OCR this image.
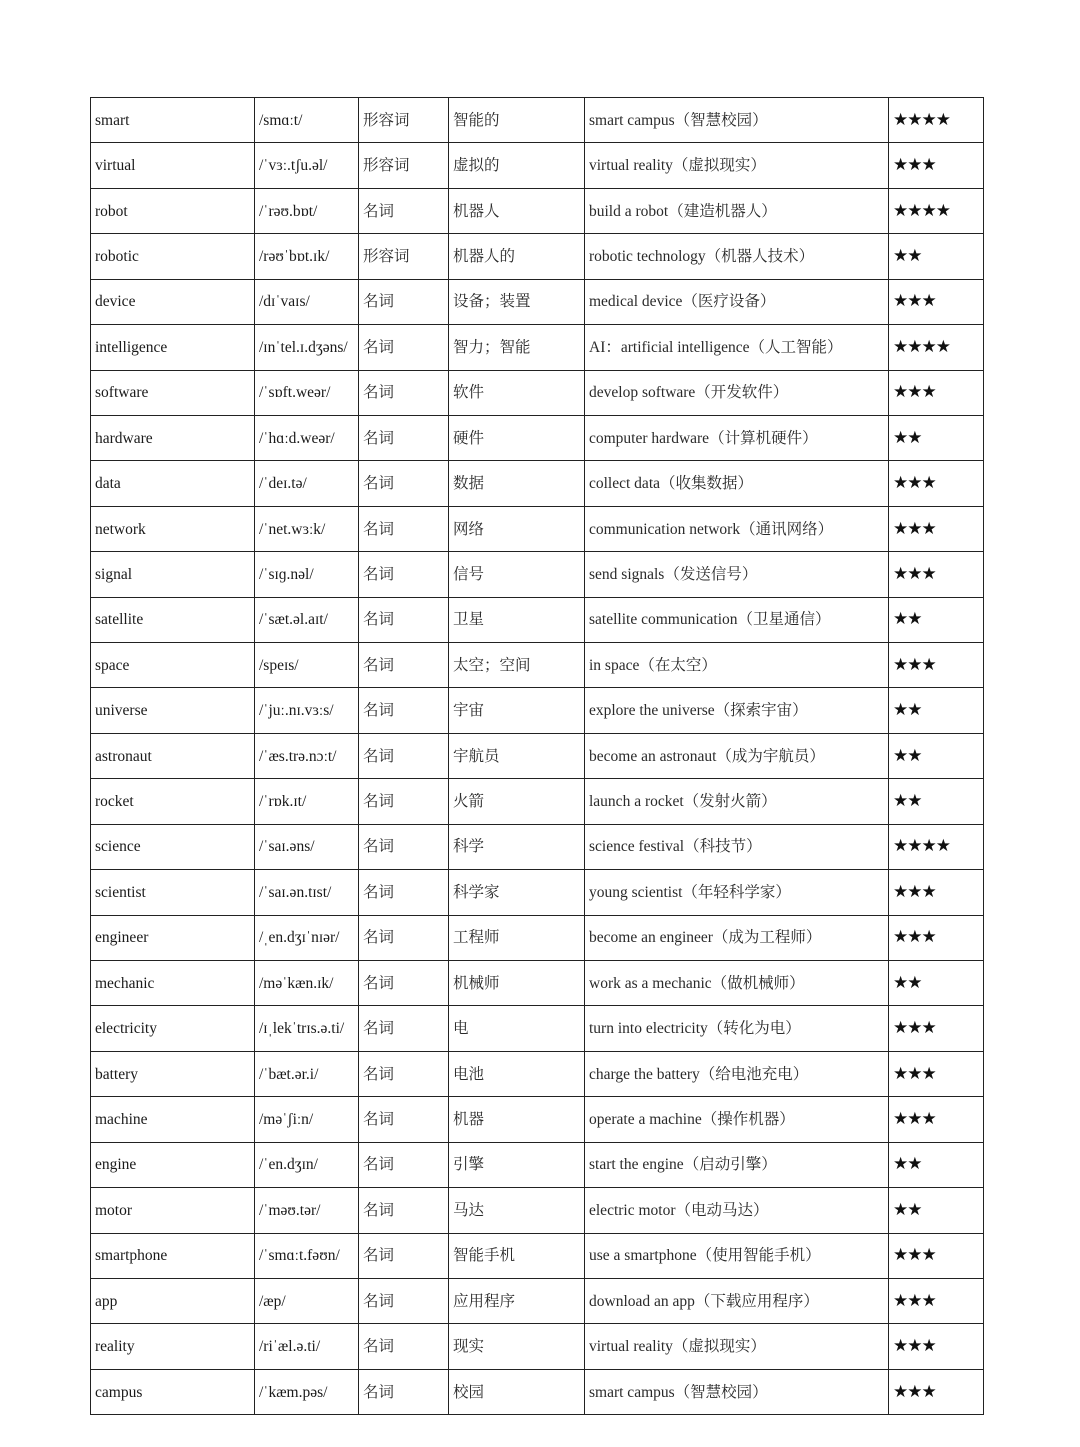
smart	/smɑːt/	形容词	智能的	smart campus（智慧校园）	★★★★
virtual	/ˈvɜː.tʃu.əl/	形容词	虚拟的	virtual reality（虚拟现实）	★★★
robot	/ˈrəʊ.bɒt/	名词	机器人	build a robot（建造机器人）	★★★★
robotic	/rəʊˈbɒt.ɪk/	形容词	机器人的	robotic technology（机器人技术）	★★
device	/dɪˈvaɪs/	名词	设备；装置	medical device（医疗设备）	★★★
intelligence	/ɪnˈtel.ɪ.dʒəns/	名词	智力；智能	AI：artificial intelligence（人工智能）	★★★★
software	/ˈsɒft.weər/	名词	软件	develop software（开发软件）	★★★
hardware	/ˈhɑːd.weər/	名词	硬件	computer hardware（计算机硬件）	★★
data	/ˈdeɪ.tə/	名词	数据	collect data（收集数据）	★★★
network	/ˈnet.wɜːk/	名词	网络	communication network（通讯网络）	★★★
signal	/ˈsɪɡ.nəl/	名词	信号	send signals（发送信号）	★★★
satellite	/ˈsæt.əl.aɪt/	名词	卫星	satellite communication（卫星通信）	★★
space	/speɪs/	名词	太空；空间	in space（在太空）	★★★
universe	/ˈjuː.nɪ.vɜːs/	名词	宇宙	explore the universe（探索宇宙）	★★
astronaut	/ˈæs.trə.nɔːt/	名词	宇航员	become an astronaut（成为宇航员）	★★
rocket	/ˈrɒk.ɪt/	名词	火箭	launch a rocket（发射火箭）	★★
science	/ˈsaɪ.əns/	名词	科学	science festival（科技节）	★★★★
scientist	/ˈsaɪ.ən.tɪst/	名词	科学家	young scientist（年轻科学家）	★★★
engineer	/ˌen.dʒɪˈnɪər/	名词	工程师	become an engineer（成为工程师）	★★★
mechanic	/məˈkæn.ɪk/	名词	机械师	work as a mechanic（做机械师）	★★
electricity	/ɪˌlekˈtrɪs.ə.ti/	名词	电	turn into electricity（转化为电）	★★★
battery	/ˈbæt.ər.i/	名词	电池	charge the battery（给电池充电）	★★★
machine	/məˈʃiːn/	名词	机器	operate a machine（操作机器）	★★★
engine	/ˈen.dʒɪn/	名词	引擎	start the engine（启动引擎）	★★
motor	/ˈməʊ.tər/	名词	马达	electric motor（电动马达）	★★
smartphone	/ˈsmɑːt.fəʊn/	名词	智能手机	use a smartphone（使用智能手机）	★★★
app	/æp/	名词	应用程序	download an app（下载应用程序）	★★★
reality	/riˈæl.ə.ti/	名词	现实	virtual reality（虚拟现实）	★★★
campus	/ˈkæm.pəs/	名词	校园	smart campus（智慧校园）	★★★
